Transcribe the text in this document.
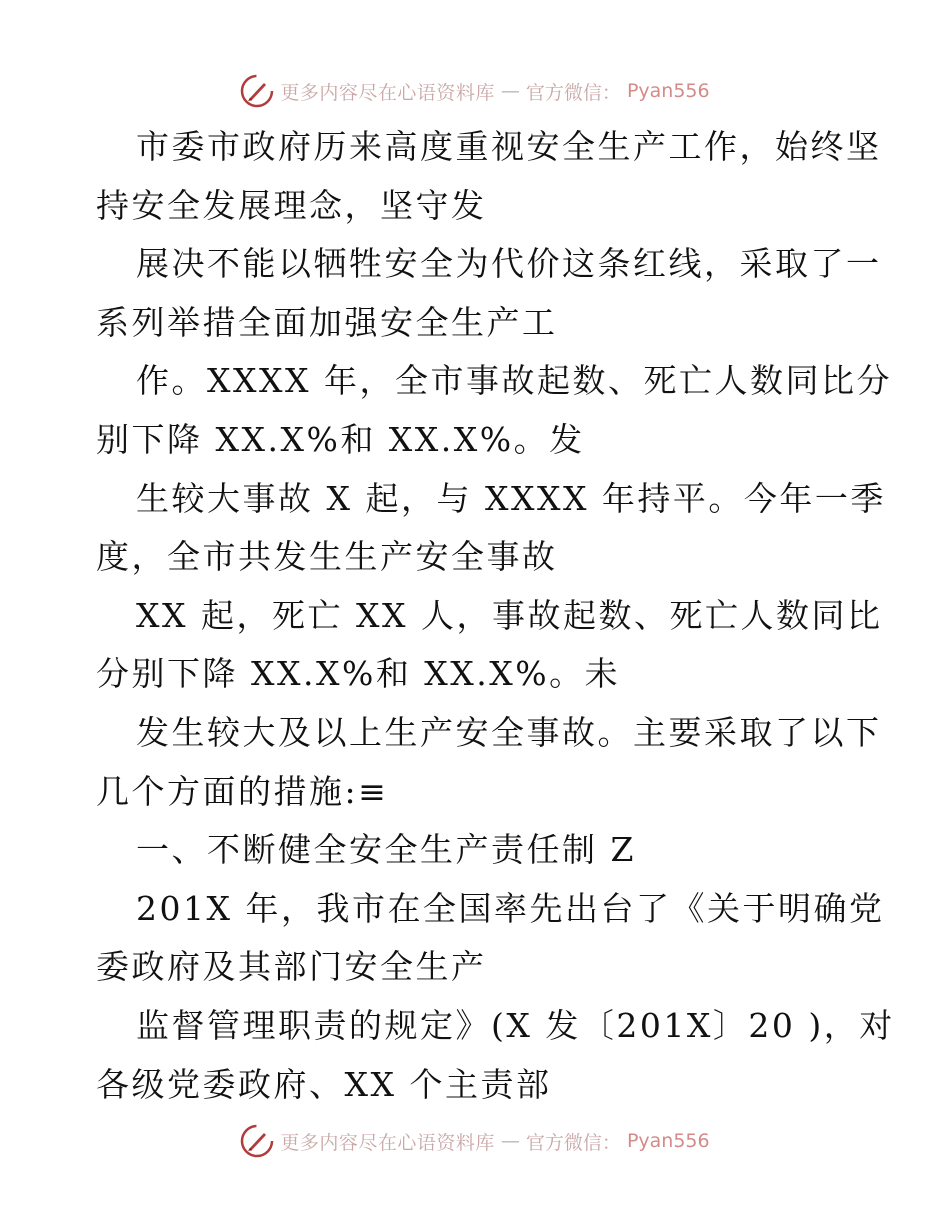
更多内容尽在心语资料库 — 官方微信： Pyan556
市委市政府历来高度重视安全生产工作，始终坚
持安全发展理念，坚守发
展决不能以牺牲安全为代价这条红线，采取了一
系列举措全面加强安全生产工
作。XXXX 年，全市事故起数、死亡人数同比分
别下降 XX.X%和 XX.X%。发
生较大事故 X 起，与 XXXX 年持平。今年一季
度，全市共发生生产安全事故
XX 起，死亡 XX 人，事故起数、死亡人数同比
分别下降 XX.X%和 XX.X%。未
发生较大及以上生产安全事故。主要采取了以下
几个方面的措施:≡
一、不断健全安全生产责任制 Z
201X 年，我市在全国率先出台了《关于明确党
委政府及其部门安全生产
监督管理职责的规定》(X 发〔201X〕20 )，对
各级党委政府、XX 个主责部
更多内容尽在心语资料库 — 官方微信： Pyan556
